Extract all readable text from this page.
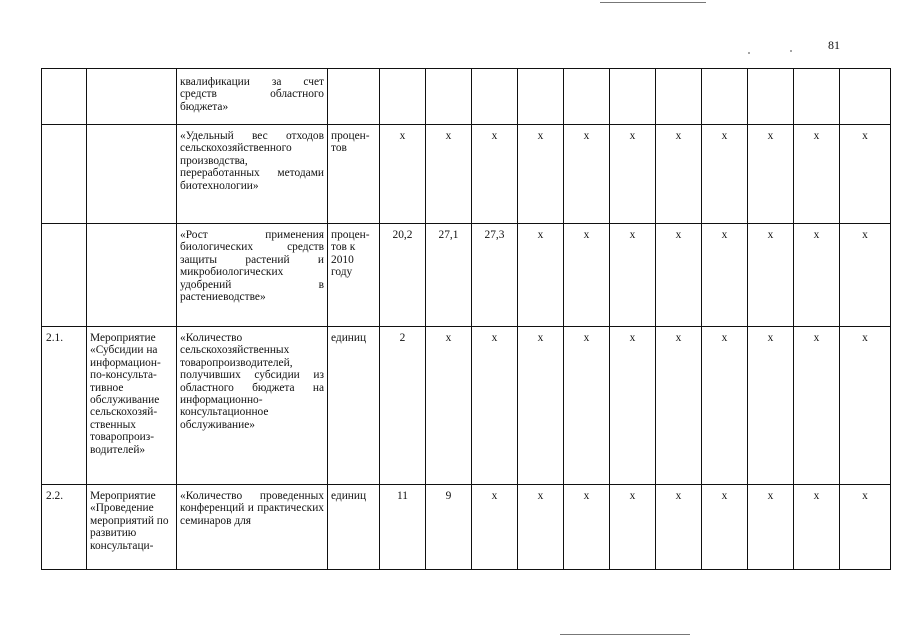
81
		квалификации за счет средств областного бюджета»												
		«Удельный вес отходов сельскохозяйственного производства, переработанных методами биотехнологии»	процен-тов	х	х	х	х	х	х	х	х	х	х	х
		«Рост применения биологических средств защиты растений и микробиологических удобрений в растениеводстве»	процен-тов к 2010 году	20,2	27,1	27,3	х	х	х	х	х	х	х	х
2.1.	Мероприятие «Субсидии на информацион-по-консульта-тивное обслуживание сельскохозяй-ственных товаропроиз-водителей»	«Количество сельскохозяйственных товаропроизводителей, получивших субсидии из областного бюджета на информационно-консультационное обслуживание»	единиц	2	х	х	х	х	х	х	х	х	х	х
2.2.	Мероприятие «Проведение мероприятий по развитию консультаци-	«Количество проведенных конференций и практических семинаров для	единиц	11	9	х	х	х	х	х	х	х	х	х
